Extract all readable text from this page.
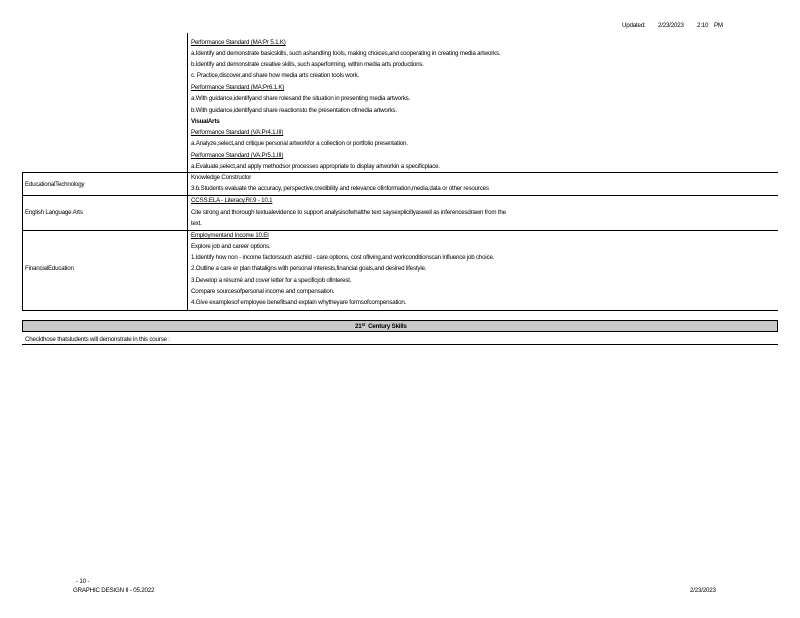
Updated: 2/23/2023 2:10 PM
Performance Standard (MA:Pr 5.1.K)
a.Identify and demonstrate basicskills, such ashandling tools, making choices,and cooperating in creating media artworks.
b.Identify and demonstrate creative skills, such asperforming, within media arts productions.
c. Practice,discover,and share how media arts creation tools work.
Performance Standard (MA:Pr6.1.K)
a.With guidance,identifyand share rolesand the situation in presenting media artworks.
b.With guidance,identifyand share reactionsto the presentation ofmedia artworks.
VisualArts
Performance Standard (VA:Pr4.1.III)
a.Analyze,select,and critique personal artworkfor a collection or portfolio presentation.
Performance Standard (VA:Pr5.1.III)
a.Evaluate,select,and apply methodsor processes appropriate to display artworkin a specificplace.
EducationalTechnology
Knowledge Constructor
3.b.Students evaluate the accuracy, perspective,credibility and relevance ofinformation,media,data or other resources
English Language Arts
CCSS.ELA - Literacy.RI.9 - 10.1
Cite strong and thorough textualevidence to support analysisofwhatthe text saysexplicitlyaswell as inferencesdrawn from the
text.
FinancialEducation
Employmentand Income 10.EI
Explore job and career options.
1.Identify how non - income factorssuch aschild - care options, cost ofliving,and workconditionscan influence job choice.
2.Outline a care er plan thataligns with personal interests,financial goals,and desired lifestyle.
3.Develop a résumé and cover letter for a specificjob ofinterest.
Compare sourcesofpersonal income and compensation.
4.Give examplesof employee benefitsand explain whytheyare formsofcompensation.
21st Century Skills
Checkthose thatstudents will demonstrate in this course :
- 10 -
GRAPHIC DESIGN II - 05.2022	2/23/2023
